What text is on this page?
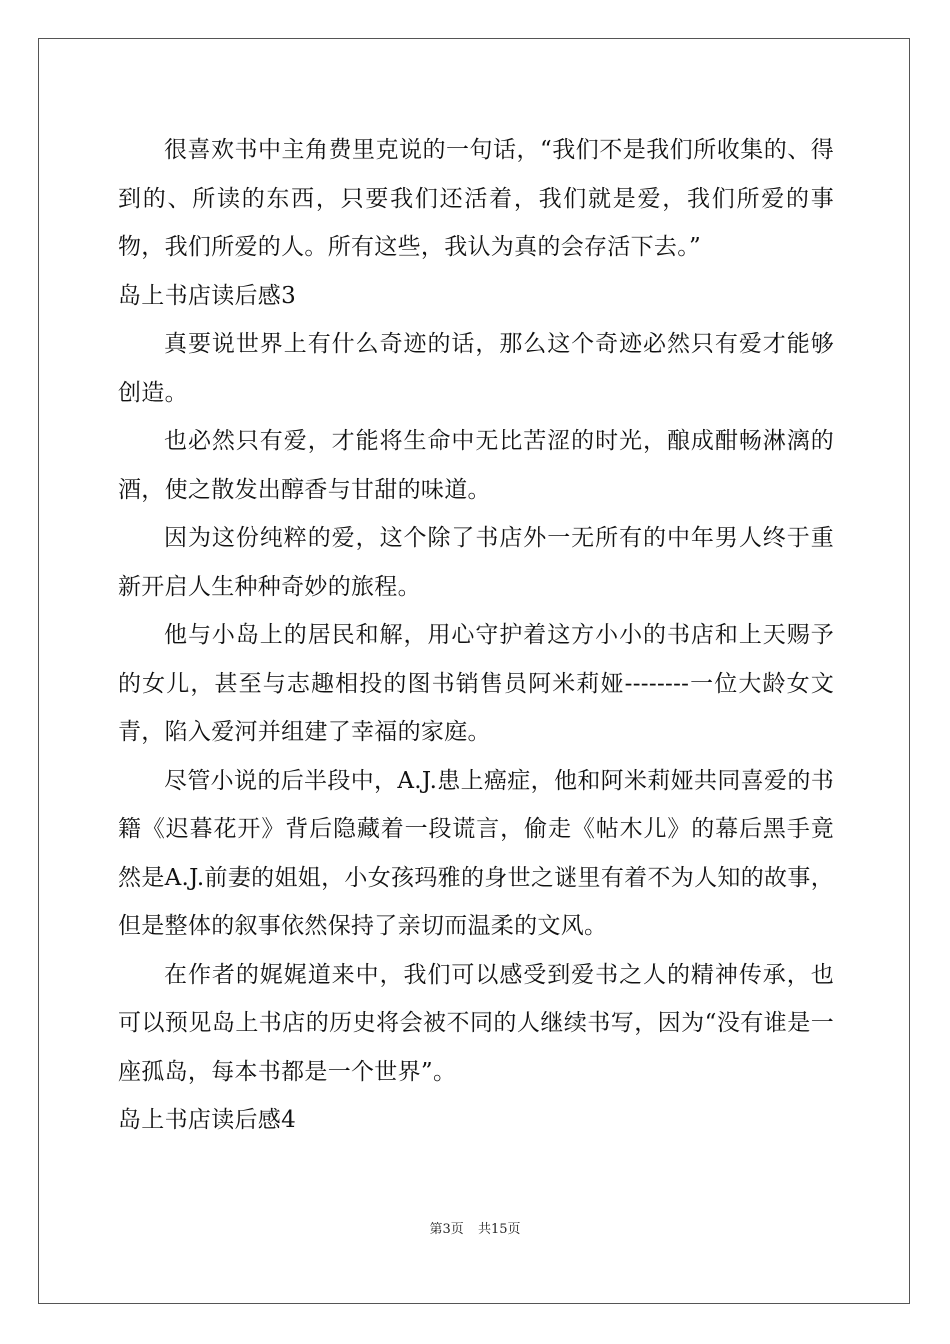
很喜欢书中主角费里克说的一句话，“我们不是我们所收集的、得到的、所读的东西，只要我们还活着，我们就是爱，我们所爱的事物，我们所爱的人。所有这些，我认为真的会存活下去。”

岛上书店读后感3

真要说世界上有什么奇迹的话，那么这个奇迹必然只有爱才能够创造。

也必然只有爱，才能将生命中无比苦涩的时光，酿成酣畅淋漓的酒，使之散发出醇香与甘甜的味道。

因为这份纯粹的爱，这个除了书店外一无所有的中年男人终于重新开启人生种种奇妙的旅程。

他与小岛上的居民和解，用心守护着这方小小的书店和上天赐予的女儿，甚至与志趣相投的图书销售员阿米莉娅--------一位大龄女文青，陷入爱河并组建了幸福的家庭。

尽管小说的后半段中，A.J.患上癌症，他和阿米莉娅共同喜爱的书籍《迟暮花开》背后隐藏着一段谎言，偷走《帖木儿》的幕后黑手竟然是A.J.前妻的姐姐，小女孩玛雅的身世之谜里有着不为人知的故事，但是整体的叙事依然保持了亲切而温柔的文风。

在作者的娓娓道来中，我们可以感受到爱书之人的精神传承，也可以预见岛上书店的历史将会被不同的人继续书写，因为“没有谁是一座孤岛，每本书都是一个世界”。

岛上书店读后感4

第3页 共15页
